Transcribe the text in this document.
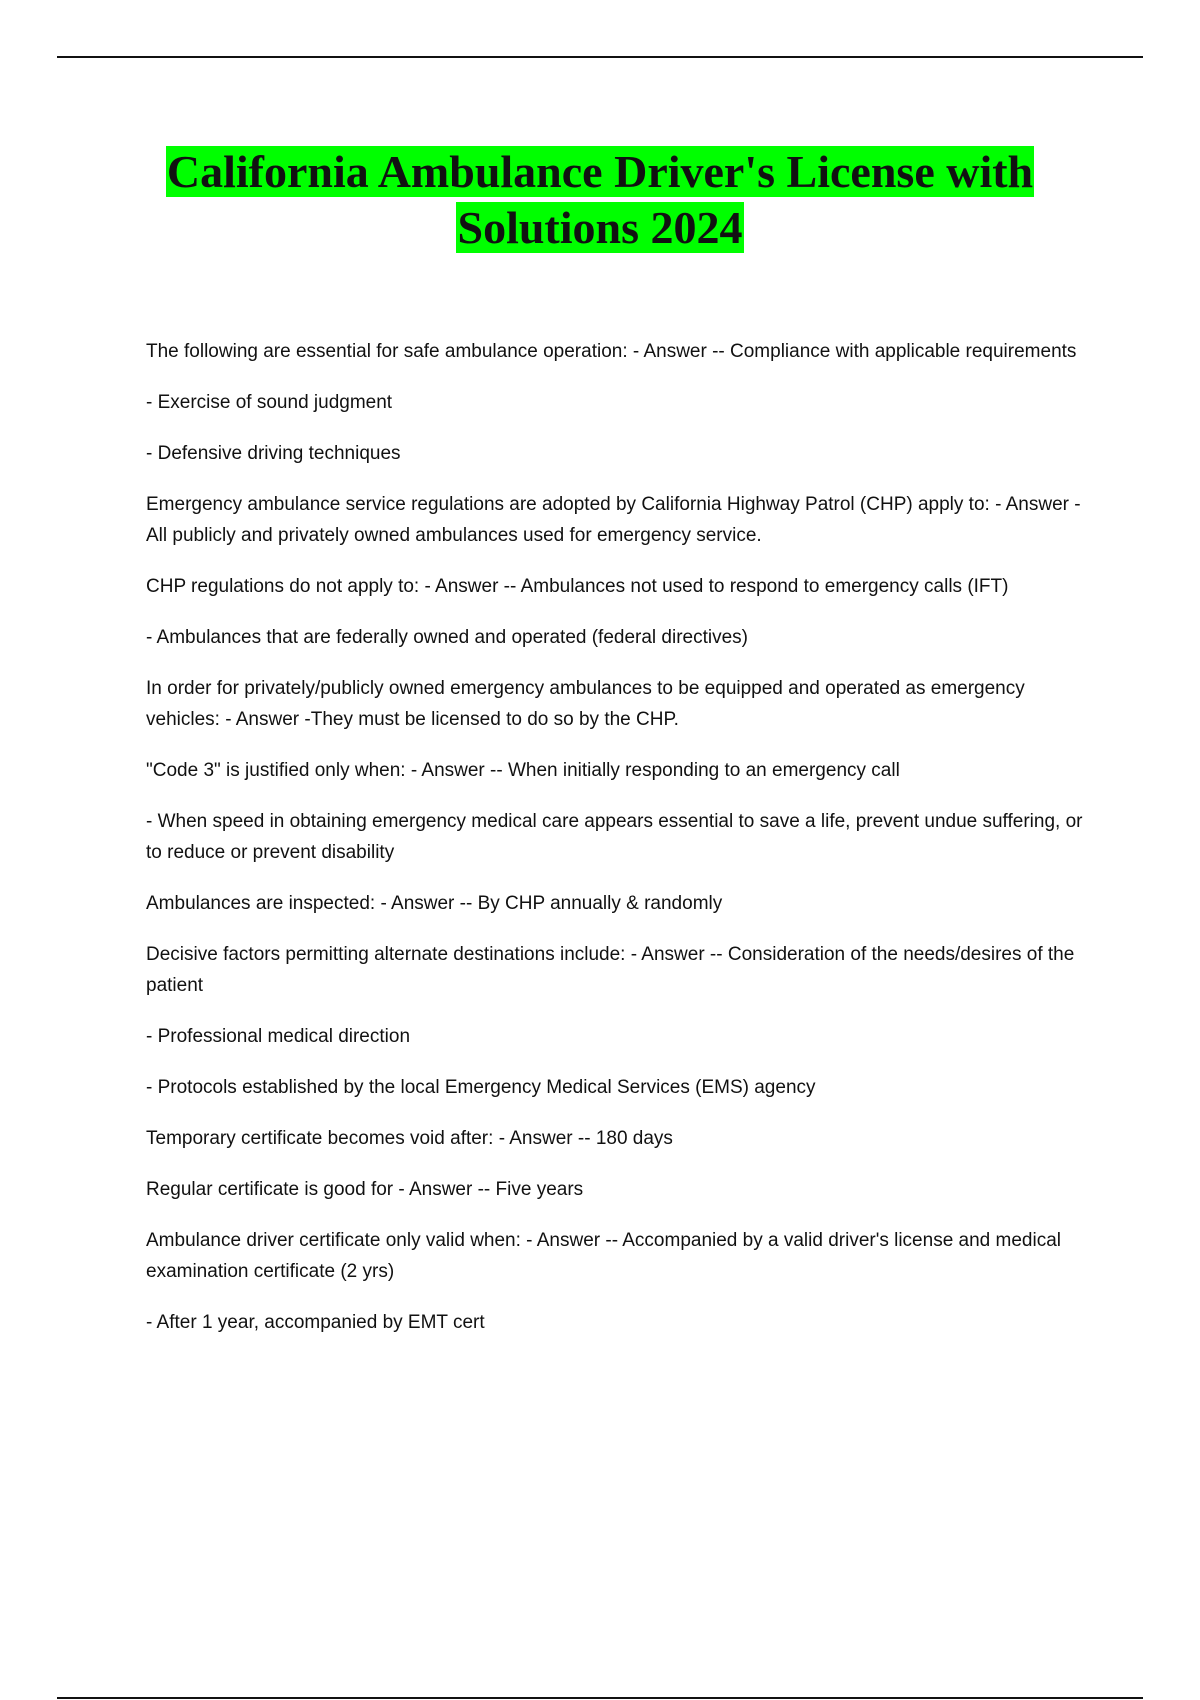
California Ambulance Driver's License with
Solutions 2024

The following are essential for safe ambulance operation: - Answer -- Compliance with applicable requirements

- Exercise of sound judgment

- Defensive driving techniques

Emergency ambulance service regulations are adopted by California Highway Patrol (CHP) apply to: - Answer -All publicly and privately owned ambulances used for emergency service.

CHP regulations do not apply to: - Answer -- Ambulances not used to respond to emergency calls (IFT)

- Ambulances that are federally owned and operated (federal directives)

In order for privately/publicly owned emergency ambulances to be equipped and operated as emergency vehicles: - Answer -They must be licensed to do so by the CHP.

"Code 3" is justified only when: - Answer -- When initially responding to an emergency call

- When speed in obtaining emergency medical care appears essential to save a life, prevent undue suffering, or to reduce or prevent disability

Ambulances are inspected: - Answer -- By CHP annually & randomly

Decisive factors permitting alternate destinations include: - Answer -- Consideration of the needs/desires of the patient

- Professional medical direction

- Protocols established by the local Emergency Medical Services (EMS) agency

Temporary certificate becomes void after: - Answer -- 180 days

Regular certificate is good for - Answer -- Five years

Ambulance driver certificate only valid when: - Answer -- Accompanied by a valid driver's license and medical examination certificate (2 yrs)

- After 1 year, accompanied by EMT cert
